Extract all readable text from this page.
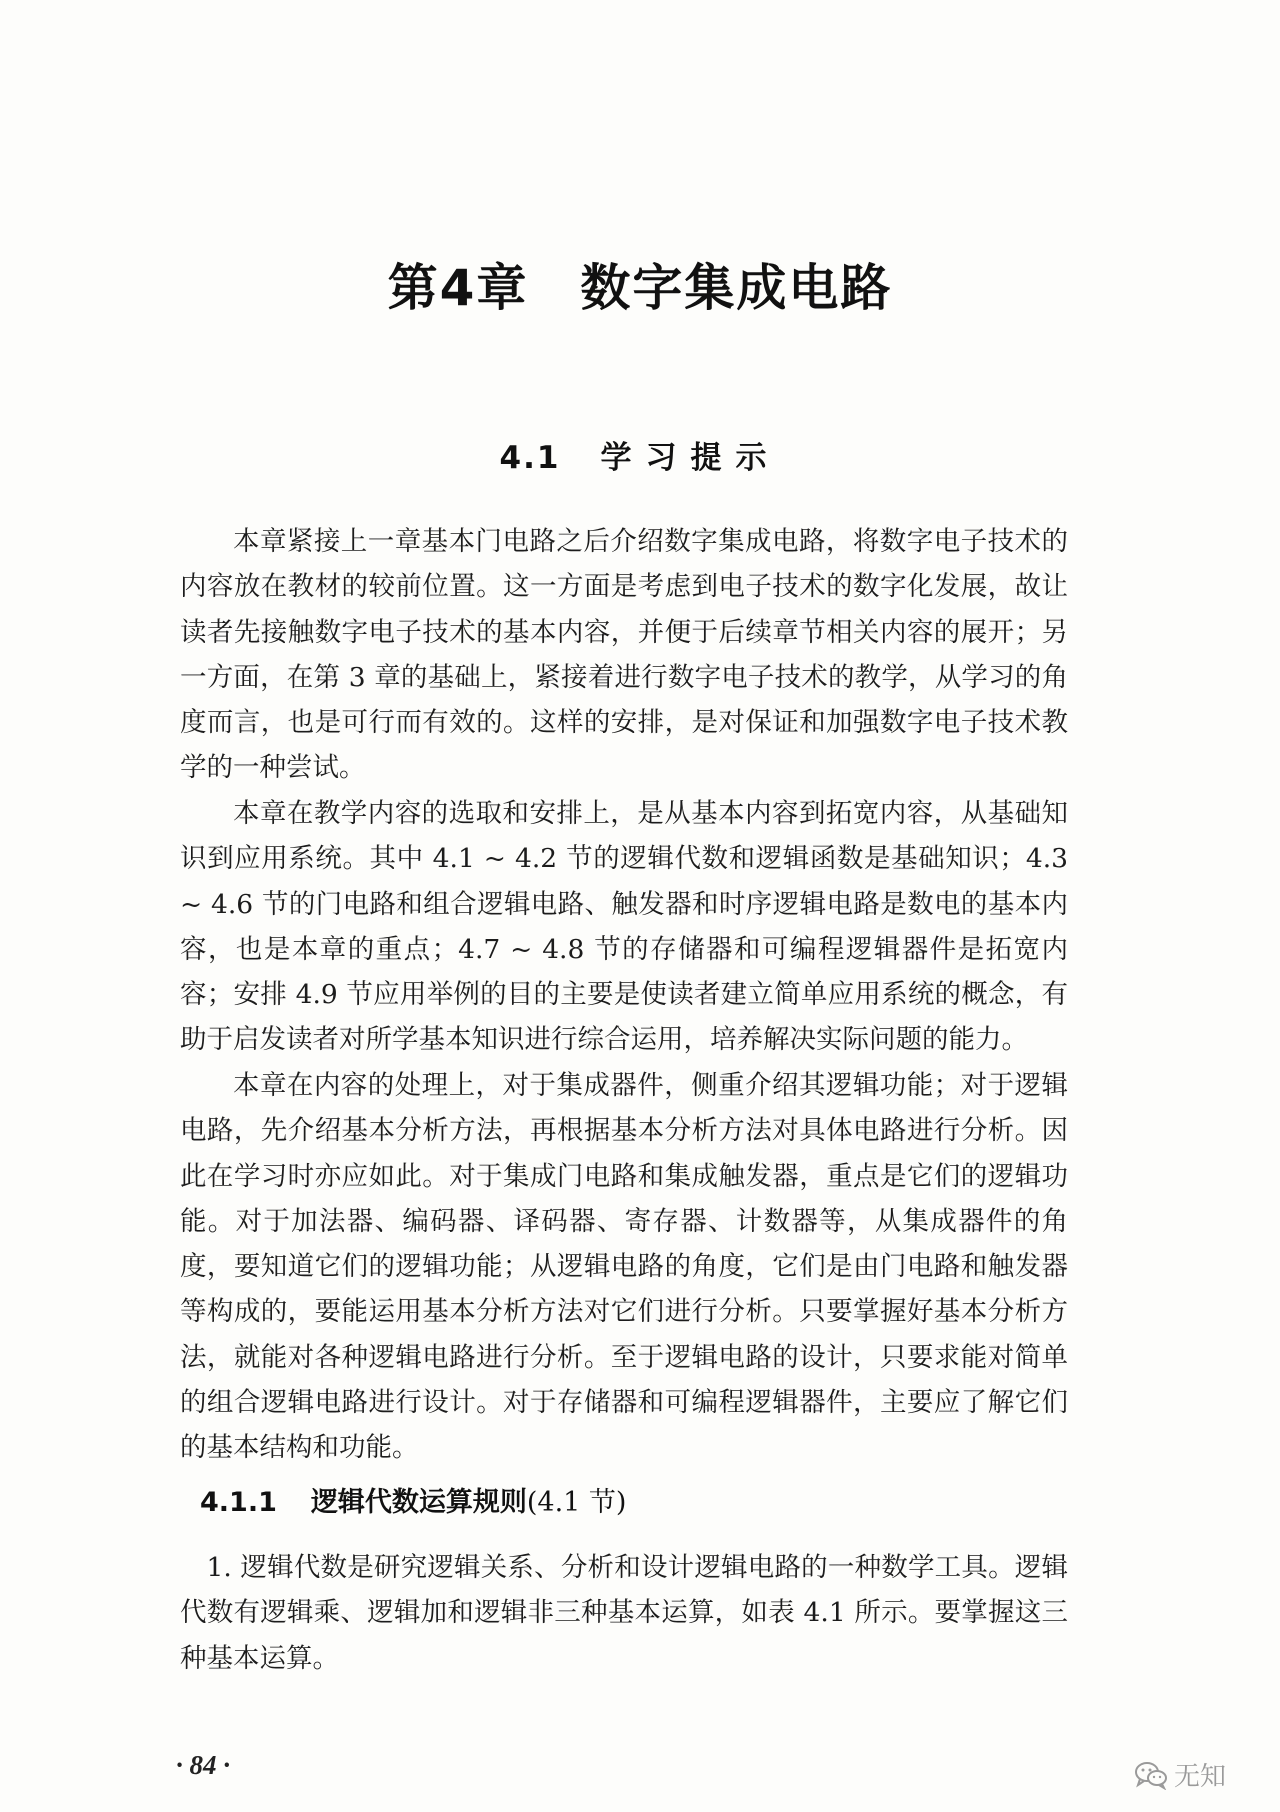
第4章 数字集成电路
4.1 学习提示

本章紧接上一章基本门电路之后介绍数字集成电路，将数字电子技术的内容放在教材的较前位置。这一方面是考虑到电子技术的数字化发展，故让读者先接触数字电子技术的基本内容，并便于后续章节相关内容的展开；另一方面，在第 3 章的基础上，紧接着进行数字电子技术的教学，从学习的角度而言，也是可行而有效的。这样的安排，是对保证和加强数字电子技术教学的一种尝试。

本章在教学内容的选取和安排上，是从基本内容到拓宽内容，从基础知识到应用系统。其中 4.1 ~ 4.2 节的逻辑代数和逻辑函数是基础知识；4.3 ~ 4.6 节的门电路和组合逻辑电路、触发器和时序逻辑电路是数电的基本内容，也是本章的重点；4.7 ~ 4.8 节的存储器和可编程逻辑器件是拓宽内容；安排 4.9 节应用举例的目的主要是使读者建立简单应用系统的概念，有助于启发读者对所学基本知识进行综合运用，培养解决实际问题的能力。

本章在内容的处理上，对于集成器件，侧重介绍其逻辑功能；对于逻辑电路，先介绍基本分析方法，再根据基本分析方法对具体电路进行分析。因此在学习时亦应如此。对于集成门电路和集成触发器，重点是它们的逻辑功能。对于加法器、编码器、译码器、寄存器、计数器等，从集成器件的角度，要知道它们的逻辑功能；从逻辑电路的角度，它们是由门电路和触发器等构成的，要能运用基本分析方法对它们进行分析。只要掌握好基本分析方法，就能对各种逻辑电路进行分析。至于逻辑电路的设计，只要求能对简单的组合逻辑电路进行设计。对于存储器和可编程逻辑器件，主要应了解它们的基本结构和功能。

4.1.1 逻辑代数运算规则(4.1 节)

1. 逻辑代数是研究逻辑关系、分析和设计逻辑电路的一种数学工具。逻辑代数有逻辑乘、逻辑加和逻辑非三种基本运算，如表 4.1 所示。要掌握这三种基本运算。

· 84 ·	无知
